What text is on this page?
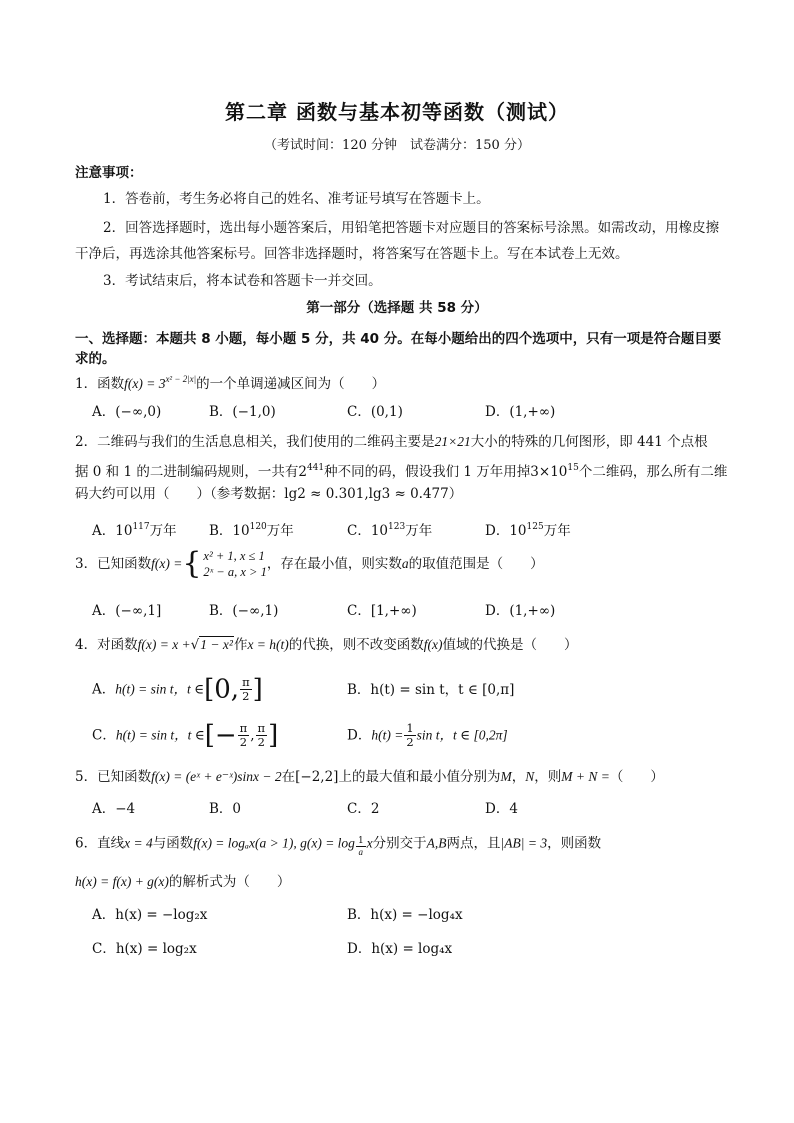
第二章 函数与基本初等函数（测试）
（考试时间：120 分钟　试卷满分：150 分）
注意事项：
1．答卷前，考生务必将自己的姓名、准考证号填写在答题卡上。
2．回答选择题时，选出每小题答案后，用铅笔把答题卡对应题目的答案标号涂黑。如需改动，用橡皮擦干净后，再选涂其他答案标号。回答非选择题时，将答案写在答题卡上。写在本试卷上无效。
3．考试结束后，将本试卷和答题卡一并交回。
第一部分（选择题 共 58 分）
一、选择题：本题共 8 小题，每小题 5 分，共 40 分。在每小题给出的四个选项中，只有一项是符合题目要求的。
1．函数$f(x) = 3^{x^2 - 2|x|}$的一个单调递减区间为（　　）
A．(−∞,0)	B．(−1,0)	C．(0,1)	D．(1,+∞)
2．二维码与我们的生活息息相关，我们使用的二维码主要是21×21大小的特殊的几何图形，即 441 个点根
据 0 和 1 的二进制编码规则，一共有$2^{441}$种不同的码，假设我们 1 万年用掉$3\times 10^{15}$个二维码，那么所有二维
码大约可以用（　　）（参考数据：lg2 ≈ 0.301,lg3 ≈ 0.477）
A．$10^{117}$万年 B．$10^{120}$万年	C．$10^{123}$万年	D．$10^{125}$万年
3．已知函数f(x) ={ x² + 1, x ≤ 1
2ˣ − a, x > 1 ，存在最小值，则实数a的取值范围是（　　）
A．(−∞,1]	B．(−∞,1)	C．[1,+∞)	D．(1,+∞)
4．对函数f(x) = x +√1 − x²作x = h(t)的代换，则不改变函数f(x)值域的代换是（　　）
A．h(t) = sin t，t ∈[0, $\frac{\pi}{2}$ ]	B．h(t) = sin t，t ∈ [0,π]
C．h(t) = sin t，t ∈[− $\frac{\pi}{2}$ , $\frac{\pi}{2}$ ]	D．$h(t) = \frac{1}{2}$ sin t，t ∈ [0,2π]
5．已知函数f(x) = (eˣ + e⁻ˣ)sinx − 2在[−2,2]上的最大值和最小值分别为M，N，则M + N =（　　）
A．−4	B．0	C．2	D．4
6．直线x = 4与函数f(x) = logₐx(a > 1), $g(x) = \log \frac{1}{a}$ x分别交于A,B两点，且|AB| = 3，则函数
h(x) = f(x) + g(x)的解析式为（　　）
A．h(x) = −log₂x	B．h(x) = −log₄x
C．h(x) = log₂x	D．h(x) = log₄x
